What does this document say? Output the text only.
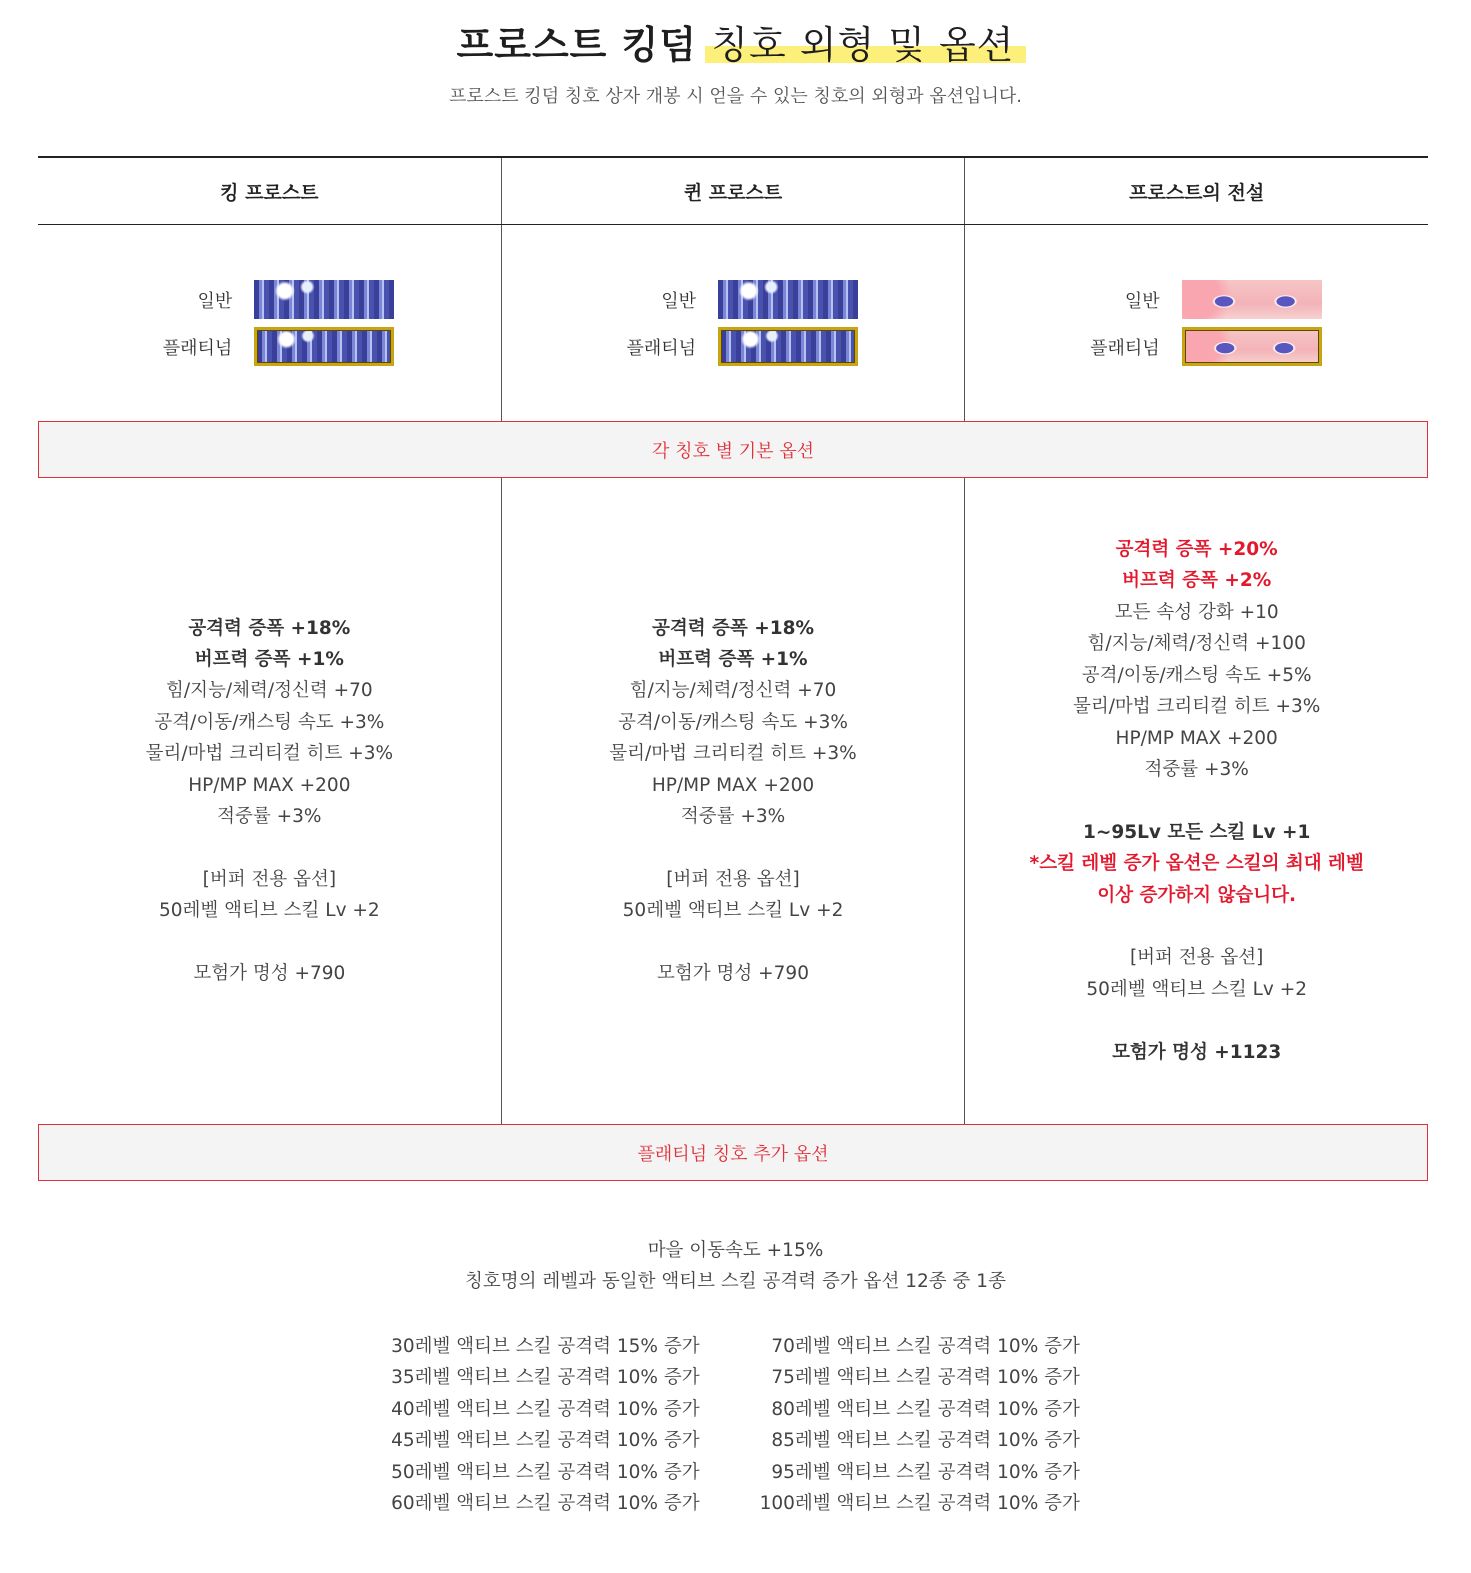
프로스트 킹덤 칭호 외형 및 옵션

프로스트 킹덤 칭호 상자 개봉 시 얻을 수 있는 칭호의 외형과 옵션입니다.

킹 프로스트	퀸 프로스트	프로스트의 전설
일반
플래티넘
일반
플래티넘
일반
플래티넘
각 칭호 별 기본 옵션
공격력 증폭 +18%
버프력 증폭 +1%
힘/지능/체력/정신력 +70
공격/이동/캐스팅 속도 +3%
물리/마법 크리티컬 히트 +3%
HP/MP MAX +200
적중률 +3%
[버퍼 전용 옵션]
50레벨 액티브 스킬 Lv +2
모험가 명성 +790
공격력 증폭 +18%
버프력 증폭 +1%
힘/지능/체력/정신력 +70
공격/이동/캐스팅 속도 +3%
물리/마법 크리티컬 히트 +3%
HP/MP MAX +200
적중률 +3%
[버퍼 전용 옵션]
50레벨 액티브 스킬 Lv +2
모험가 명성 +790
공격력 증폭 +20%
버프력 증폭 +2%
모든 속성 강화 +10
힘/지능/체력/정신력 +100
공격/이동/캐스팅 속도 +5%
물리/마법 크리티컬 히트 +3%
HP/MP MAX +200
적중률 +3%
1~95Lv 모든 스킬 Lv +1
*스킬 레벨 증가 옵션은 스킬의 최대 레벨
이상 증가하지 않습니다.
[버퍼 전용 옵션]
50레벨 액티브 스킬 Lv +2
모험가 명성 +1123
플래티넘 칭호 추가 옵션
마을 이동속도 +15%
칭호명의 레벨과 동일한 액티브 스킬 공격력 증가 옵션 12종 중 1종
30레벨 액티브 스킬 공격력 15% 증가
35레벨 액티브 스킬 공격력 10% 증가
40레벨 액티브 스킬 공격력 10% 증가
45레벨 액티브 스킬 공격력 10% 증가
50레벨 액티브 스킬 공격력 10% 증가
60레벨 액티브 스킬 공격력 10% 증가
70레벨 액티브 스킬 공격력 10% 증가
75레벨 액티브 스킬 공격력 10% 증가
80레벨 액티브 스킬 공격력 10% 증가
85레벨 액티브 스킬 공격력 10% 증가
95레벨 액티브 스킬 공격력 10% 증가
100레벨 액티브 스킬 공격력 10% 증가
